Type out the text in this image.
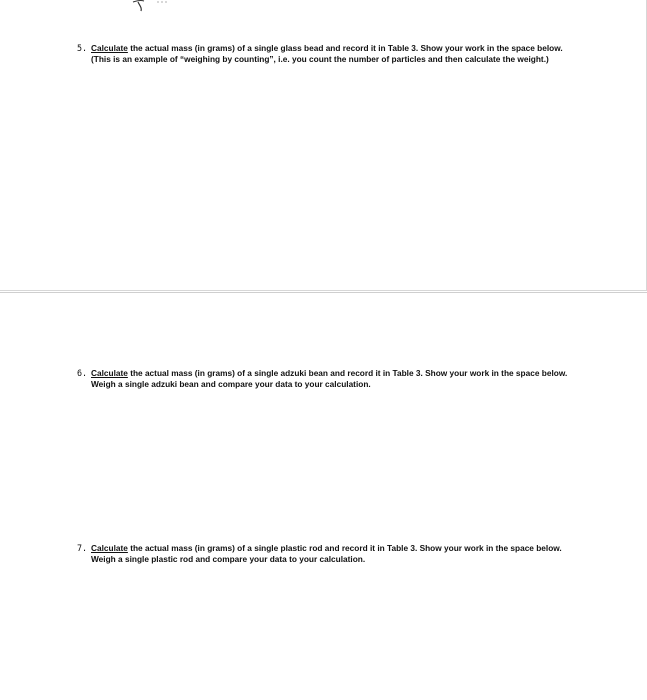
5. Calculate the actual mass (in grams) of a single glass bead and record it in Table 3. Show your work in the space below. (This is an example of “weighing by counting”, i.e. you count the number of particles and then calculate the weight.)
6. Calculate the actual mass (in grams) of a single adzuki bean and record it in Table 3. Show your work in the space below. Weigh a single adzuki bean and compare your data to your calculation.
7. Calculate the actual mass (in grams) of a single plastic rod and record it in Table 3. Show your work in the space below. Weigh a single plastic rod and compare your data to your calculation.
